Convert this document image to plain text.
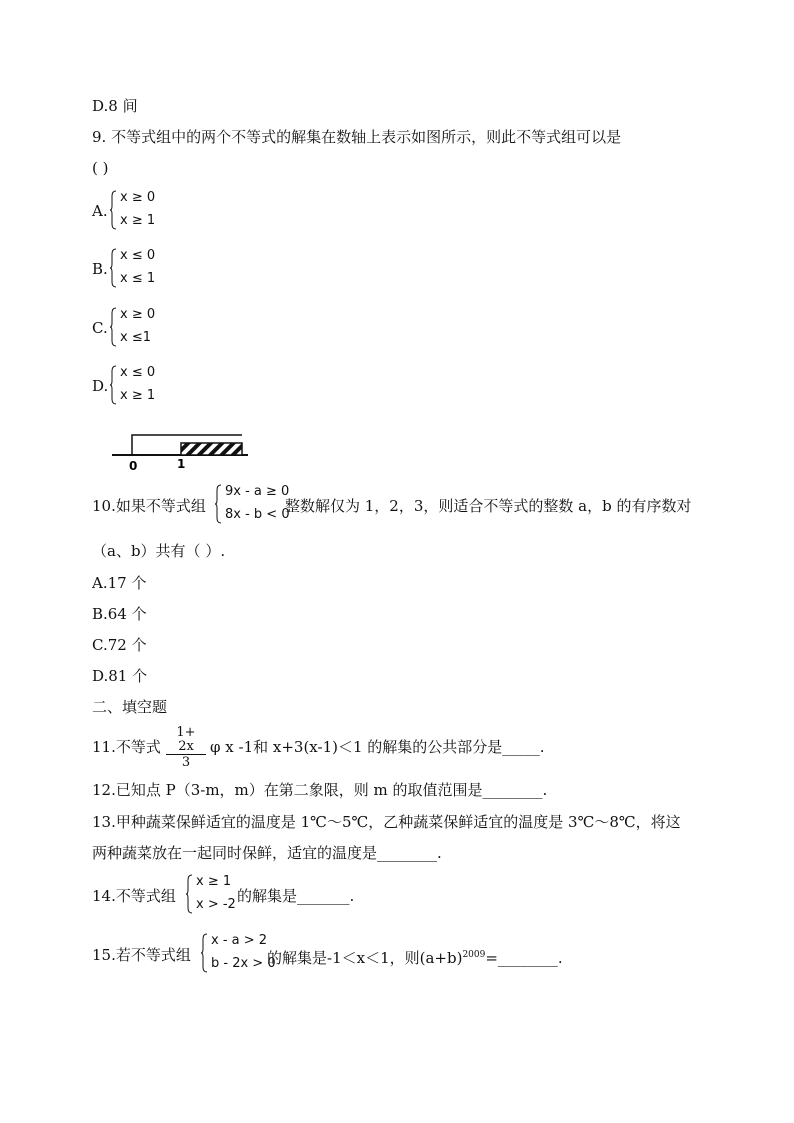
D.8 间
9. 不等式组中的两个不等式的解集在数轴上表示如图所示，则此不等式组可以是
( )
A.
x ≥ 0
x ≥ 1
B.
x ≤ 0
x ≤ 1
C.
x ≥ 0
x ≤1
D.
x ≤ 0
x ≥ 1
0	1
10.如果不等式组
9x - a ≥ 0
8x - b < 0
整数解仅为 1，2，3，则适合不等式的整数 a，b 的有序数对
（a、b）共有（ ）.
A.17 个
B.64 个
C.72 个
D.81 个
二、填空题
11.不等式 $\frac{1+ 2x}{3}$ φ x -1和 x+3(x-1)＜1 的解集的公共部分是_____.
12.已知点 P（3-m，m）在第二象限，则 m 的取值范围是________.
13.甲种蔬菜保鲜适宜的温度是 1℃～5℃，乙种蔬菜保鲜适宜的温度是 3℃～8℃，将这
两种蔬菜放在一起同时保鲜，适宜的温度是________.
14.不等式组
x ≥ 1
x > -2 的解集是_______.
15.若不等式组
x - a > 2
b - 2x > 0
的解集是-1＜x＜1，则$(a+b)^{2009}=\_\_\_\_\_\_\_\_$.
